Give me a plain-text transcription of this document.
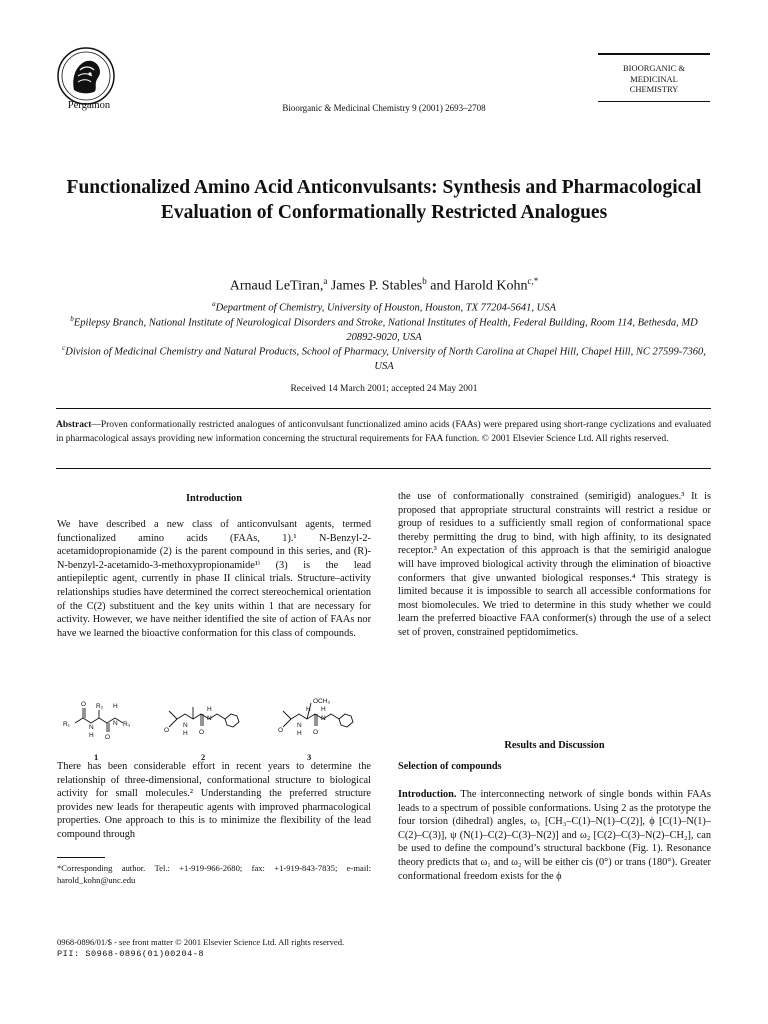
Pergamon	Bioorganic & Medicinal Chemistry 9 (2001) 2693–2708
BIOORGANIC &
MEDICINAL
CHEMISTRY
Functionalized Amino Acid Anticonvulsants: Synthesis and Pharmacological Evaluation of Conformationally Restricted Analogues
Arnaud LeTiran,$^a$ James P. Stables$^b$ and Harold Kohn$^{c,*}$
$^a$Department of Chemistry, University of Houston, Houston, TX 77204-5641, USA
$^b$Epilepsy Branch, National Institute of Neurological Disorders and Stroke, National Institutes of Health, Federal Building, Room 114, Bethesda, MD 20892-9020, USA
$^c$Division of Medicinal Chemistry and Natural Products, School of Pharmacy, University of North Carolina at Chapel Hill, Chapel Hill, NC 27599-7360, USA
Received 14 March 2001; accepted 24 May 2001
Abstract—Proven conformationally restricted analogues of anticonvulsant functionalized amino acids (FAAs) were prepared using short-range cyclizations and evaluated in pharmacological assays providing new information concerning the structural requirements for FAA function. © 2001 Elsevier Science Ltd. All rights reserved.
Introduction

We have described a new class of anticonvulsant agents, termed functionalized amino acids (FAAs, 1).¹ N-Benzyl-2-acetamidopropionamide (2) is the parent compound in this series, and (R)-N-benzyl-2-acetamido-3-methoxypropionamide¹ⁱ (3) is the lead antiepileptic agent, currently in phase II clinical trials. Structure–activity relationships studies have determined the correct stereochemical orientation of the C(2) substituent and the key units within 1 that are necessary for activity. However, we have neither identified the site of action of FAAs nor have we learned the bioactive conformation for this class of compounds.

O R₂ H
R₁	N
H
N R₃
O
1
O
N
H
H
N
O
2
OCH₃
H
O
N
H
H
N
O
3

There has been considerable effort in recent years to determine the relationship of three-dimensional, conformational structure to biological activity for small molecules.² Understanding the preferred structure provides new leads for therapeutic agents with improved pharmacological properties. One approach to this is to minimize the flexibility of the lead compound through

*Corresponding author. Tel.: +1-919-966-2680; fax: +1-919-843-7835; e-mail: harold_kohn@unc.edu

the use of conformationally constrained (semirigid) analogues.³ It is proposed that appropriate structural constraints will restrict a residue or group of residues to a sufficiently small region of conformational space thereby permitting the drug to bind, with high affinity, to its designated receptor.³ An expectation of this approach is that the semirigid analogue will have improved biological activity through the elimination of bioactive conformers that give unwanted biological responses.⁴ This strategy is limited because it is impossible to search all accessible conformations for most biomolecules. We tried to determine in this study whether we could learn the preferred bioactive FAA conformer(s) through the use of a select set of proven, constrained peptidomimetics.

Results and Discussion
Selection of compounds

Introduction. The interconnecting network of single bonds within FAAs leads to a spectrum of possible conformations. Using 2 as the prototype the four torsion (dihedral) angles, ω₁ [CH₃–C(1)–N(1)–C(2)], ϕ [C(1)–N(1)–C(2)–C(3)], ψ (N(1)–C(2)–C(3)–N(2)] and ω₂ [C(2)–C(3)–N(2)–CH₂], can be used to define the compound’s structural backbone (Fig. 1). Resonance theory predicts that ω₁ and ω₂ will be either cis (0°) or trans (180°). Greater conformational freedom exists for the ϕ

0968-0896/01/$ - see front matter © 2001 Elsevier Science Ltd. All rights reserved.
PII: S0968-0896(01)00204-8
